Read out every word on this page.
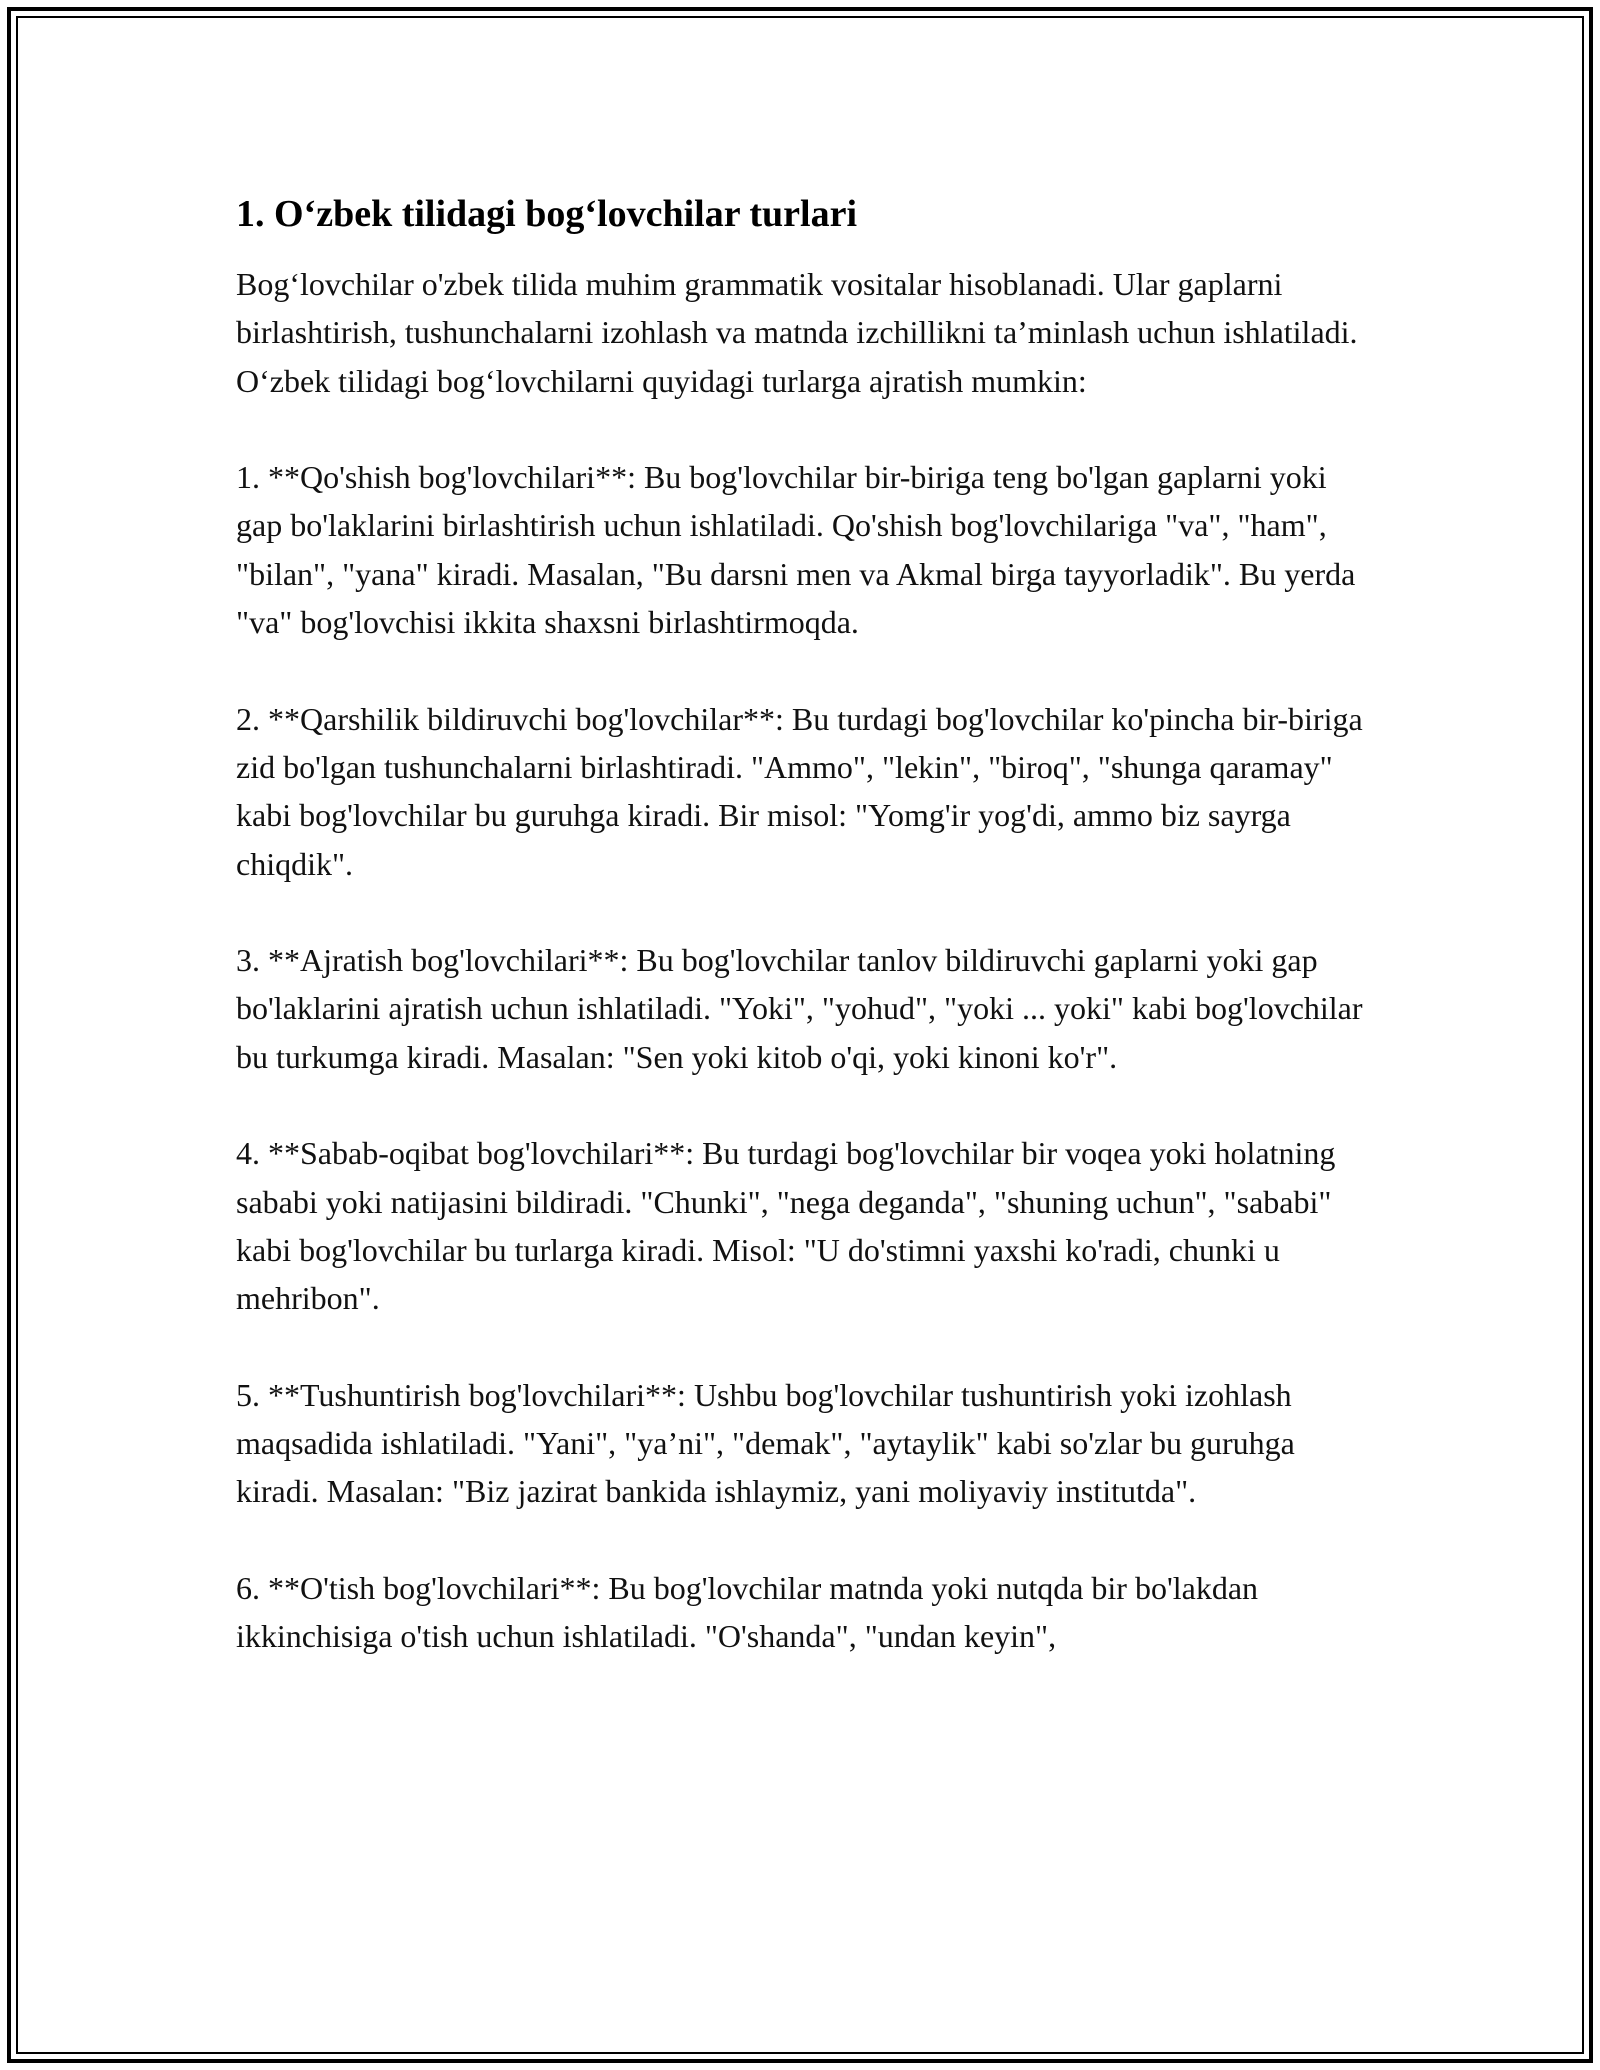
1. O‘zbek tilidagi bog‘lovchilar turlari

Bog‘lovchilar o'zbek tilida muhim grammatik vositalar hisoblanadi. Ular gaplarni birlashtirish, tushunchalarni izohlash va matnda izchillikni ta’minlash uchun ishlatiladi. O‘zbek tilidagi bog‘lovchilarni quyidagi turlarga ajratish mumkin:

1. **Qo'shish bog'lovchilari**: Bu bog'lovchilar bir-biriga teng bo'lgan gaplarni yoki gap bo'laklarini birlashtirish uchun ishlatiladi. Qo'shish bog'lovchilariga "va", "ham", "bilan", "yana" kiradi. Masalan, "Bu darsni men va Akmal birga tayyorladik". Bu yerda "va" bog'lovchisi ikkita shaxsni birlashtirmoqda.

2. **Qarshilik bildiruvchi bog'lovchilar**: Bu turdagi bog'lovchilar ko'pincha bir-biriga zid bo'lgan tushunchalarni birlashtiradi. "Ammo", "lekin", "biroq", "shunga qaramay" kabi bog'lovchilar bu guruhga kiradi. Bir misol: "Yomg'ir yog'di, ammo biz sayrga chiqdik".

3. **Ajratish bog'lovchilari**: Bu bog'lovchilar tanlov bildiruvchi gaplarni yoki gap bo'laklarini ajratish uchun ishlatiladi. "Yoki", "yohud", "yoki ... yoki" kabi bog'lovchilar bu turkumga kiradi. Masalan: "Sen yoki kitob o'qi, yoki kinoni ko'r".

4. **Sabab-oqibat bog'lovchilari**: Bu turdagi bog'lovchilar bir voqea yoki holatning sababi yoki natijasini bildiradi. "Chunki", "nega deganda", "shuning uchun", "sababi" kabi bog'lovchilar bu turlarga kiradi. Misol: "U do'stimni yaxshi ko'radi, chunki u mehribon".

5. **Tushuntirish bog'lovchilari**: Ushbu bog'lovchilar tushuntirish yoki izohlash maqsadida ishlatiladi. "Yani", "ya’ni", "demak", "aytaylik" kabi so'zlar bu guruhga kiradi. Masalan: "Biz jazirat bankida ishlaymiz, yani moliyaviy institutda".

6. **O'tish bog'lovchilari**: Bu bog'lovchilar matnda yoki nutqda bir bo'lakdan ikkinchisiga o'tish uchun ishlatiladi. "O'shanda", "undan keyin",
